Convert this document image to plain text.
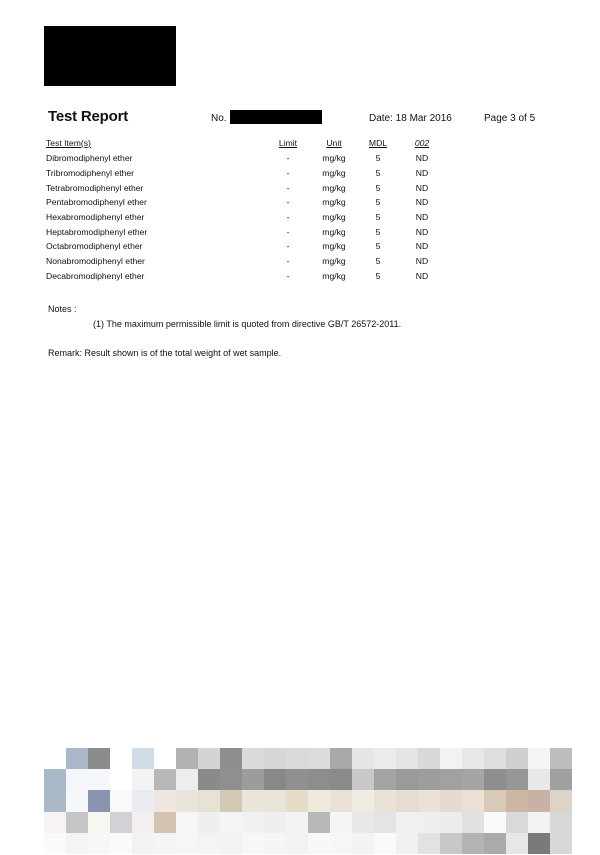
Test Report	No.	Date: 18 Mar 2016	Page 3 of 5
Test Item(s)	Limit	Unit	MDL	002
Dibromodiphenyl ether	-	mg/kg	5	ND
Tribromodiphenyl ether	-	mg/kg	5	ND
Tetrabromodiphenyl ether	-	mg/kg	5	ND
Pentabromodiphenyl ether	-	mg/kg	5	ND
Hexabromodiphenyl ether	-	mg/kg	5	ND
Heptabromodiphenyl ether	-	mg/kg	5	ND
Octabromodiphenyl ether	-	mg/kg	5	ND
Nonabromodiphenyl ether	-	mg/kg	5	ND
Decabromodiphenyl ether	-	mg/kg	5	ND
Notes :
(1) The maximum permissible limit is quoted from directive GB/T 26572-2011.
Remark: Result shown is of the total weight of wet sample.
